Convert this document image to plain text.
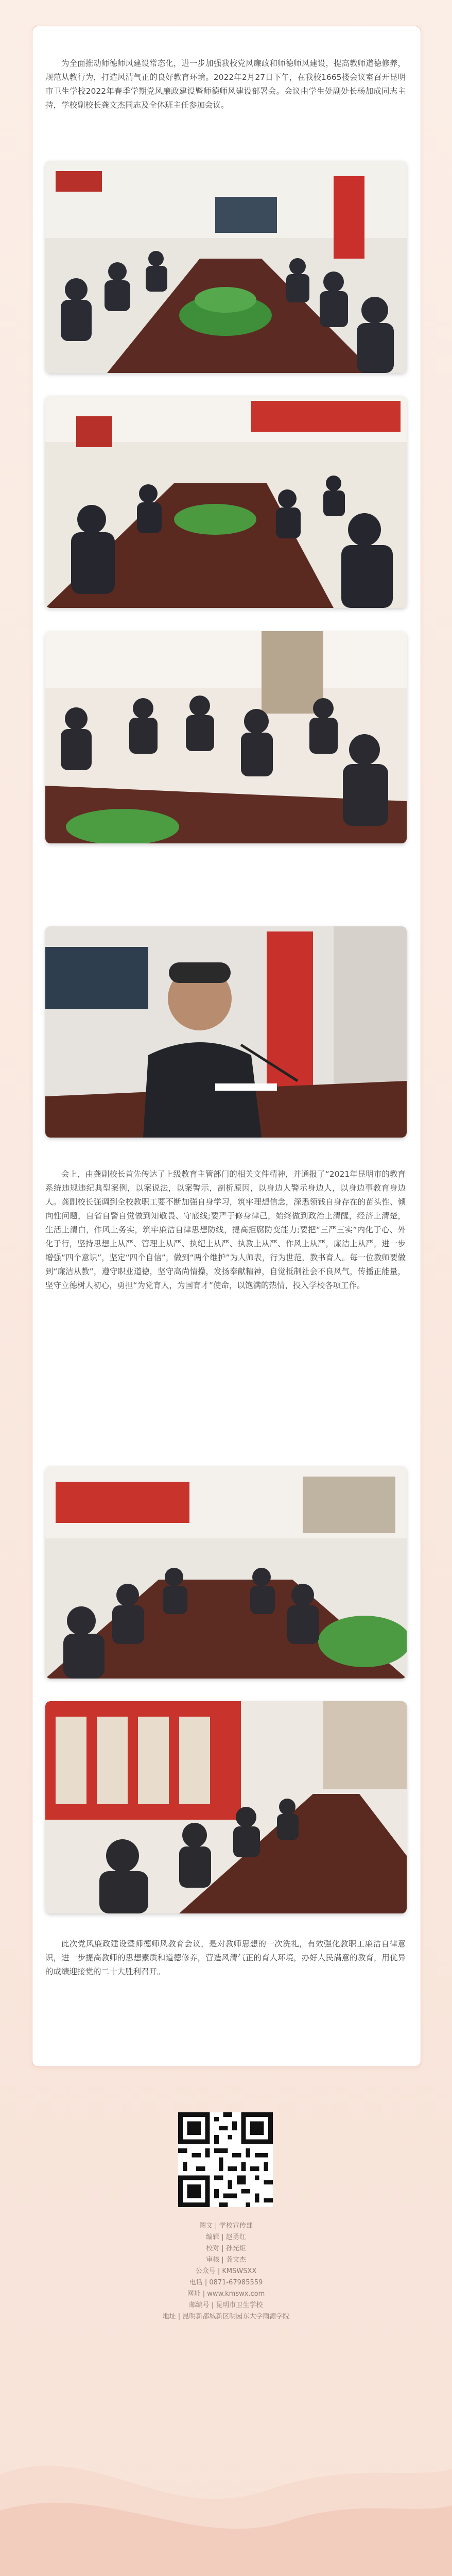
为全面推动师德师风建设常态化，进一步加强我校党风廉政和师德师风建设，提高教师道德修养，规范从教行为，打造风清气正的良好教育环境。2022年2月27日下午，在我校1665楼会议室召开昆明市卫生学校2022年春季学期党风廉政建设暨师德师风建设部署会。会议由学生处副处长杨加成同志主持，学校副校长龚文杰同志及全体班主任参加会议。

会上，由龚副校长首先传达了上级教育主管部门的相关文件精神，并通报了“2021年昆明市的教育系统违规违纪典型案例，以案说法，以案警示，剖析原因，以身边人警示身边人，以身边事教育身边人。龚副校长强调到全校教职工要不断加强自身学习，筑牢理想信念，深悉领钱自身存在的苗头性、倾向性问题，自省自警自觉做到知敬畏、守底线;要严于修身律己，始终做到政治上清醒，经济上清楚，生活上清白，作风上务实，筑牢廉洁自律思想防线，提高拒腐防变能力;要把“三严三实”内化于心、外化于行，坚持思想上从严、管理上从严、执纪上从严、执教上从严、作风上从严，廉洁上从严，进一步增强“四个意识”，坚定“四个自信”，做到“两个维护”为人师表，行为世范，教书育人。每一位教师要做到“廉洁从教”，遵守职业道德，坚守高尚情操，发扬奉献精神，自觉抵制社会不良风气，传播正能量，坚守立德树人初心，勇担“为党育人，为国育才”使命，以饱满的热情，投入学校各项工作。

此次党风廉政建设暨师德师风教育会议，是对教师思想的一次洗礼，有效强化教职工廉洁自律意识，进一步提高教师的思想素质和道德修养，营造风清气正的育人环境，办好人民满意的教育，用优异的成绩迎接党的二十大胜利召开。

图文 | 学校宣传部
编辑 | 赵勇红
校对 | 孙光炬
审核 | 龚文杰
公众号 | KMSWSXX
电话 | 0871-67985559
网址 | www.kmswx.com
邮编号 | 昆明市卫生学校
地址 | 昆明新都城新区明园东大学雨源学院
